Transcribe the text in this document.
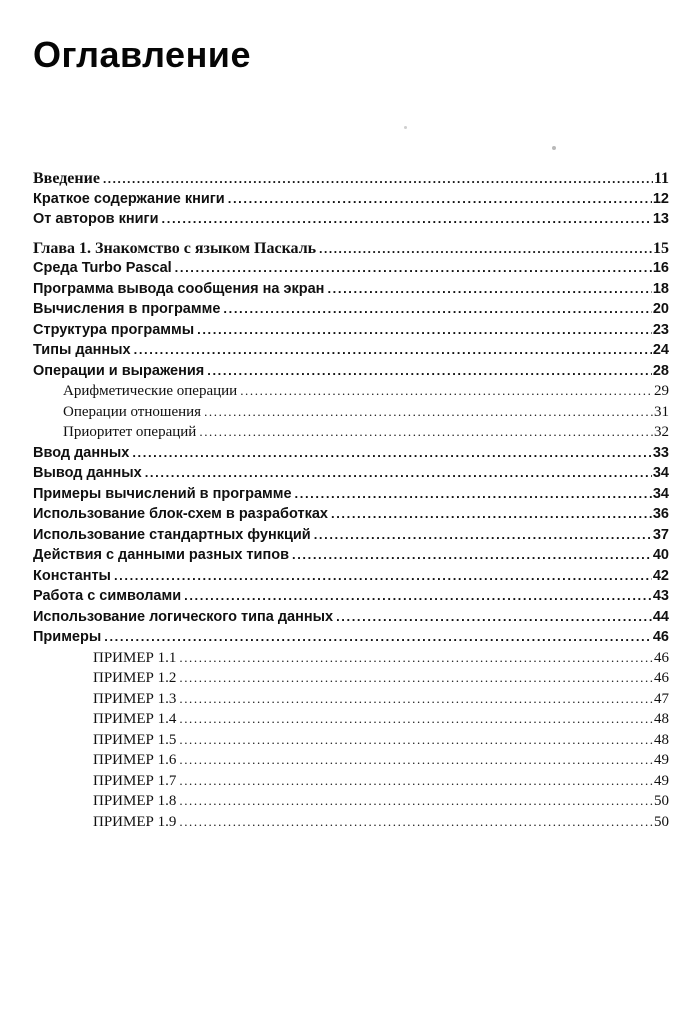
Оглавление
Введение .....	11
Краткое содержание книги .....	12
От авторов книги .....	13
Глава 1. Знакомство с языком Паскаль .....	15
Среда Turbo Pascal .....	16
Программа вывода сообщения на экран .....	18
Вычисления в программе .....	20
Структура программы .....	23
Типы данных .....	24
Операции и выражения .....	28
Арифметические операции .....	29
Операции отношения .....	31
Приоритет операций .....	32
Ввод данных .....	33
Вывод данных .....	34
Примеры вычислений в программе .....	34
Использование блок-схем в разработках .....	36
Использование стандартных функций .....	37
Действия с данными разных типов .....	40
Константы .....	42
Работа с символами .....	43
Использование логического типа данных .....	44
Примеры .....	46
ПРИМЕР 1.1 .....	46
ПРИМЕР 1.2 .....	46
ПРИМЕР 1.3 .....	47
ПРИМЕР 1.4 .....	48
ПРИМЕР 1.5 .....	48
ПРИМЕР 1.6 .....	49
ПРИМЕР 1.7 .....	49
ПРИМЕР 1.8 .....	50
ПРИМЕР 1.9 .....	50
